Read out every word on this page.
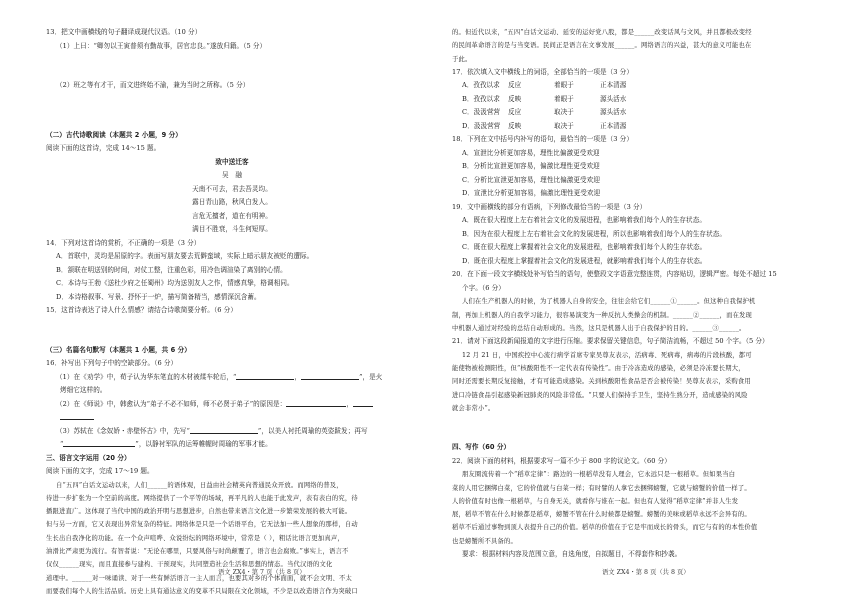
13．把文中画横线的句子翻译成现代汉语。（10 分）
（1）上曰：“卿勿以王寅普须有勤故事，居官忠良。”遂放归籍。（5 分）
（2）班之等有才干，而文进终始不渝，兼为当时之所称。（5 分）
（二）古代诗歌阅读（本题共 2 小题，9 分）
阅读下面的这首诗，完成 14～15 题。
致中送迁客
吴　融
天南不可去，君去吾灵均。
露日青山路，秋风白发人。
言危无擅者，道在有明神。
满目不胜衰，斗生何短厚。
14．下列对这首诗的赏析，不正确的一项是（3 分）
A．首联中，灵均是屈原的字。表面写朋友要去荒僻蛮域，实际上暗示朋友被贬的遭际。
B．颔联在明送别的时间，对仗工整，注重色彩，用冷色调渲染了离别的心情。
C．本诗与王勃《送杜少府之任蜀州》均为送别友人之作，情感真挚，格调相同。
D．本诗格叙事、写景、抒怀于一炉，描写简备精当，感情深沉含蓄。
15．这首诗表达了诗人什么情感？请结合诗歌简要分析。（6 分）
（三）名篇名句默写（本题共 1 小题，共 6 分）
16．补写出下列句子中的空缺部分。（6 分）
（1）在《劝学》中，荀子认为华东笔直的木材被煣车轮后，“	，	”，是火
烤细它这样的。
（2）在《师说》中，韩愈认为“弟子不必不如师，师不必贤于弟子”的原因是：	，
（3）苏轼在《念奴娇・赤壁怀古》中，先写“	”，以美人衬托周瑜的英姿跋发；再写
“	”，以静衬军队的运筹帷幄时周瑜的军事才能。
三、语言文字运用（20 分）
阅读下面的文字，完成 17～19 题。
自“五四”白话文运动以来，人们______的语体观，日益由社会精英向普通民众开放。而网络的普及，
待进一步扩张为一个空前的高度。网络提供了一个平等的场域，再平凡的人也能于此发声，表有表白的究，待
播跟进直广。这体现了当代中国的政治开明与思想进步，自然也带来语言文化进一步繁荣发展的极大可能。
但与另一方面，它又表现出异常复杂的特征。网络体是只是一个话语平台，它无法加一些人想象的那样，自动
生长出自我净化的功能。在一个众声喧哗、众说纷纭的网络环境中，常常是（ ），粗话比语言更加真声，
油滑比严肃更为流行。有智者说：“无论在哪里，只要风俗与时尚颠覆了，语言也会腐败。”事实上，语言不
仅仅______现实，而且直接参与建构、干预现实，共同塑造社会生活和思想的情态。当代汉语的文化
道理中。______对一味诵读、对于一些有鲜活语言一主人而言，也要其对乡的个体面面，就不会文明、不太
而要我们每个人的生活品质。历史上具有通达意义的变革不只局限在文化领域，不少是以改造语言作为突破口
的。但近代以来，“五四”白话文运动、延安的运好党八股，都是______改变话风与文风，并且都极改变经
的民间革命语言的是与当变语。民间正是语言在文事发展______。网络语言的兴益，甚大的意义可能也在
于此。
17．依次填入文中横线上的词语，全部恰当的一项是（3 分）
A．孜孜以求	反应	着眼于	正本清源
B．孜孜以求	反映	着眼于	源头活水
C．汲汲营营	反应	取决于	源头活水
D．汲汲营营	反映	取决于	正本清源
18．下列在文中括号内补写的语句，最恰当的一项是（3 分）
A．宣泄比分析更加容易，理性比偏激更受欢迎
B．分析比宣泄更加容易，偏激比理性更受欢迎
C．分析比宣泄更加容易，理性比偏激更受欢迎
D．宣泄比分析更加容易，偏激比理性更受欢迎
19．文中画横线的部分有语病，下列修改最恰当的一项是（3 分）
A．既在很大程度上左右着社会文化的发展进程，也影响着我们每个人的生存状态。
B．因为在很大程度上左右着社会文化的发展进程，所以也影响着我们每个人的生存状态。
C．既在很大程度上掌握着社会文化的发展进程，也影响着我们每个人的生存状态。
D．既在很大程度上掌握着社会文化的发展进程，就影响着我们每个人的生存状态。
20．在下面一段文字横线处补写恰当的语句，使整段文字语意完整连贯，内容贴切，逻辑严密。每处不超过 15
个字。（6 分）
人们在生产机器人的时候，为了机器人自身的安全，往往会给它们______①______。但这种自我保护机
制，再加上机器人的自我学习能力，很容易演变为一种反抗人类操会的机制。______②______，而在发现
中机器人通过对经验的总结自动形成的。当然，这只是机器人出于自我保护的目的。______③______。
21．请对下面这段新闻报道的文字进行压缩。要求保留关键信息，句子简洁流畅，不超过 50 个字。（5 分）
12 月 21 日，中国疾控中心流行病学首席专家吴尊友表示，活病毒、死病毒，病毒的片段核酸，都可
能使物被检测阳性，但“核酸阳性不一定代表有传染性”。由于冷冻造成的感染，必须是冷冻要长期大，
同时还需要长期反复接触，才有可能造成感染。关到核酸阳性食品是否会被传染！吴尊友表示，采购食用
进口冷链食品引起感染新冠肺炎的风险非常低。“只要人们保持手卫生，坚持生熟分开，造成感染的风险
就会非常小”。
四、写作（60 分）
22．阅读下面的材料，根据要求写一篇不少于 800 字的议论文。（60 分）
朋友圈流传着一个“稻草定律”：路边的一根稻草没有人理会，它永远只是一根稻草。但如果当白
菜的人用它捆绑白菜，它的价值就与白菜一样；有时譬的人拿它去捆绑螃蟹，它就与螃蟹的价值一样了。
人的价值有时也像一根稻草，与自身无关，就看你与谁在一起。但也有人觉得“稻草定律”并非人生发
展，稻草不管在什么时候都是稻草，螃蟹不管在什么时候都是螃蟹。螃蟹的美味或稻草永远不会异有的。
稻草不后通过事物到顶人表提升自己的价值。稻草的价值在于它是牢而成长的骨头，而它与有的的本性价值
也是螃蟹所不具备的。
要求：根据材料内容及范围立意，自选角度，自拟题目，不得套作和抄袭。
语文 ZX4・第 7 页（共 8 页）	语文 ZX4・第 8 页（共 8 页）
